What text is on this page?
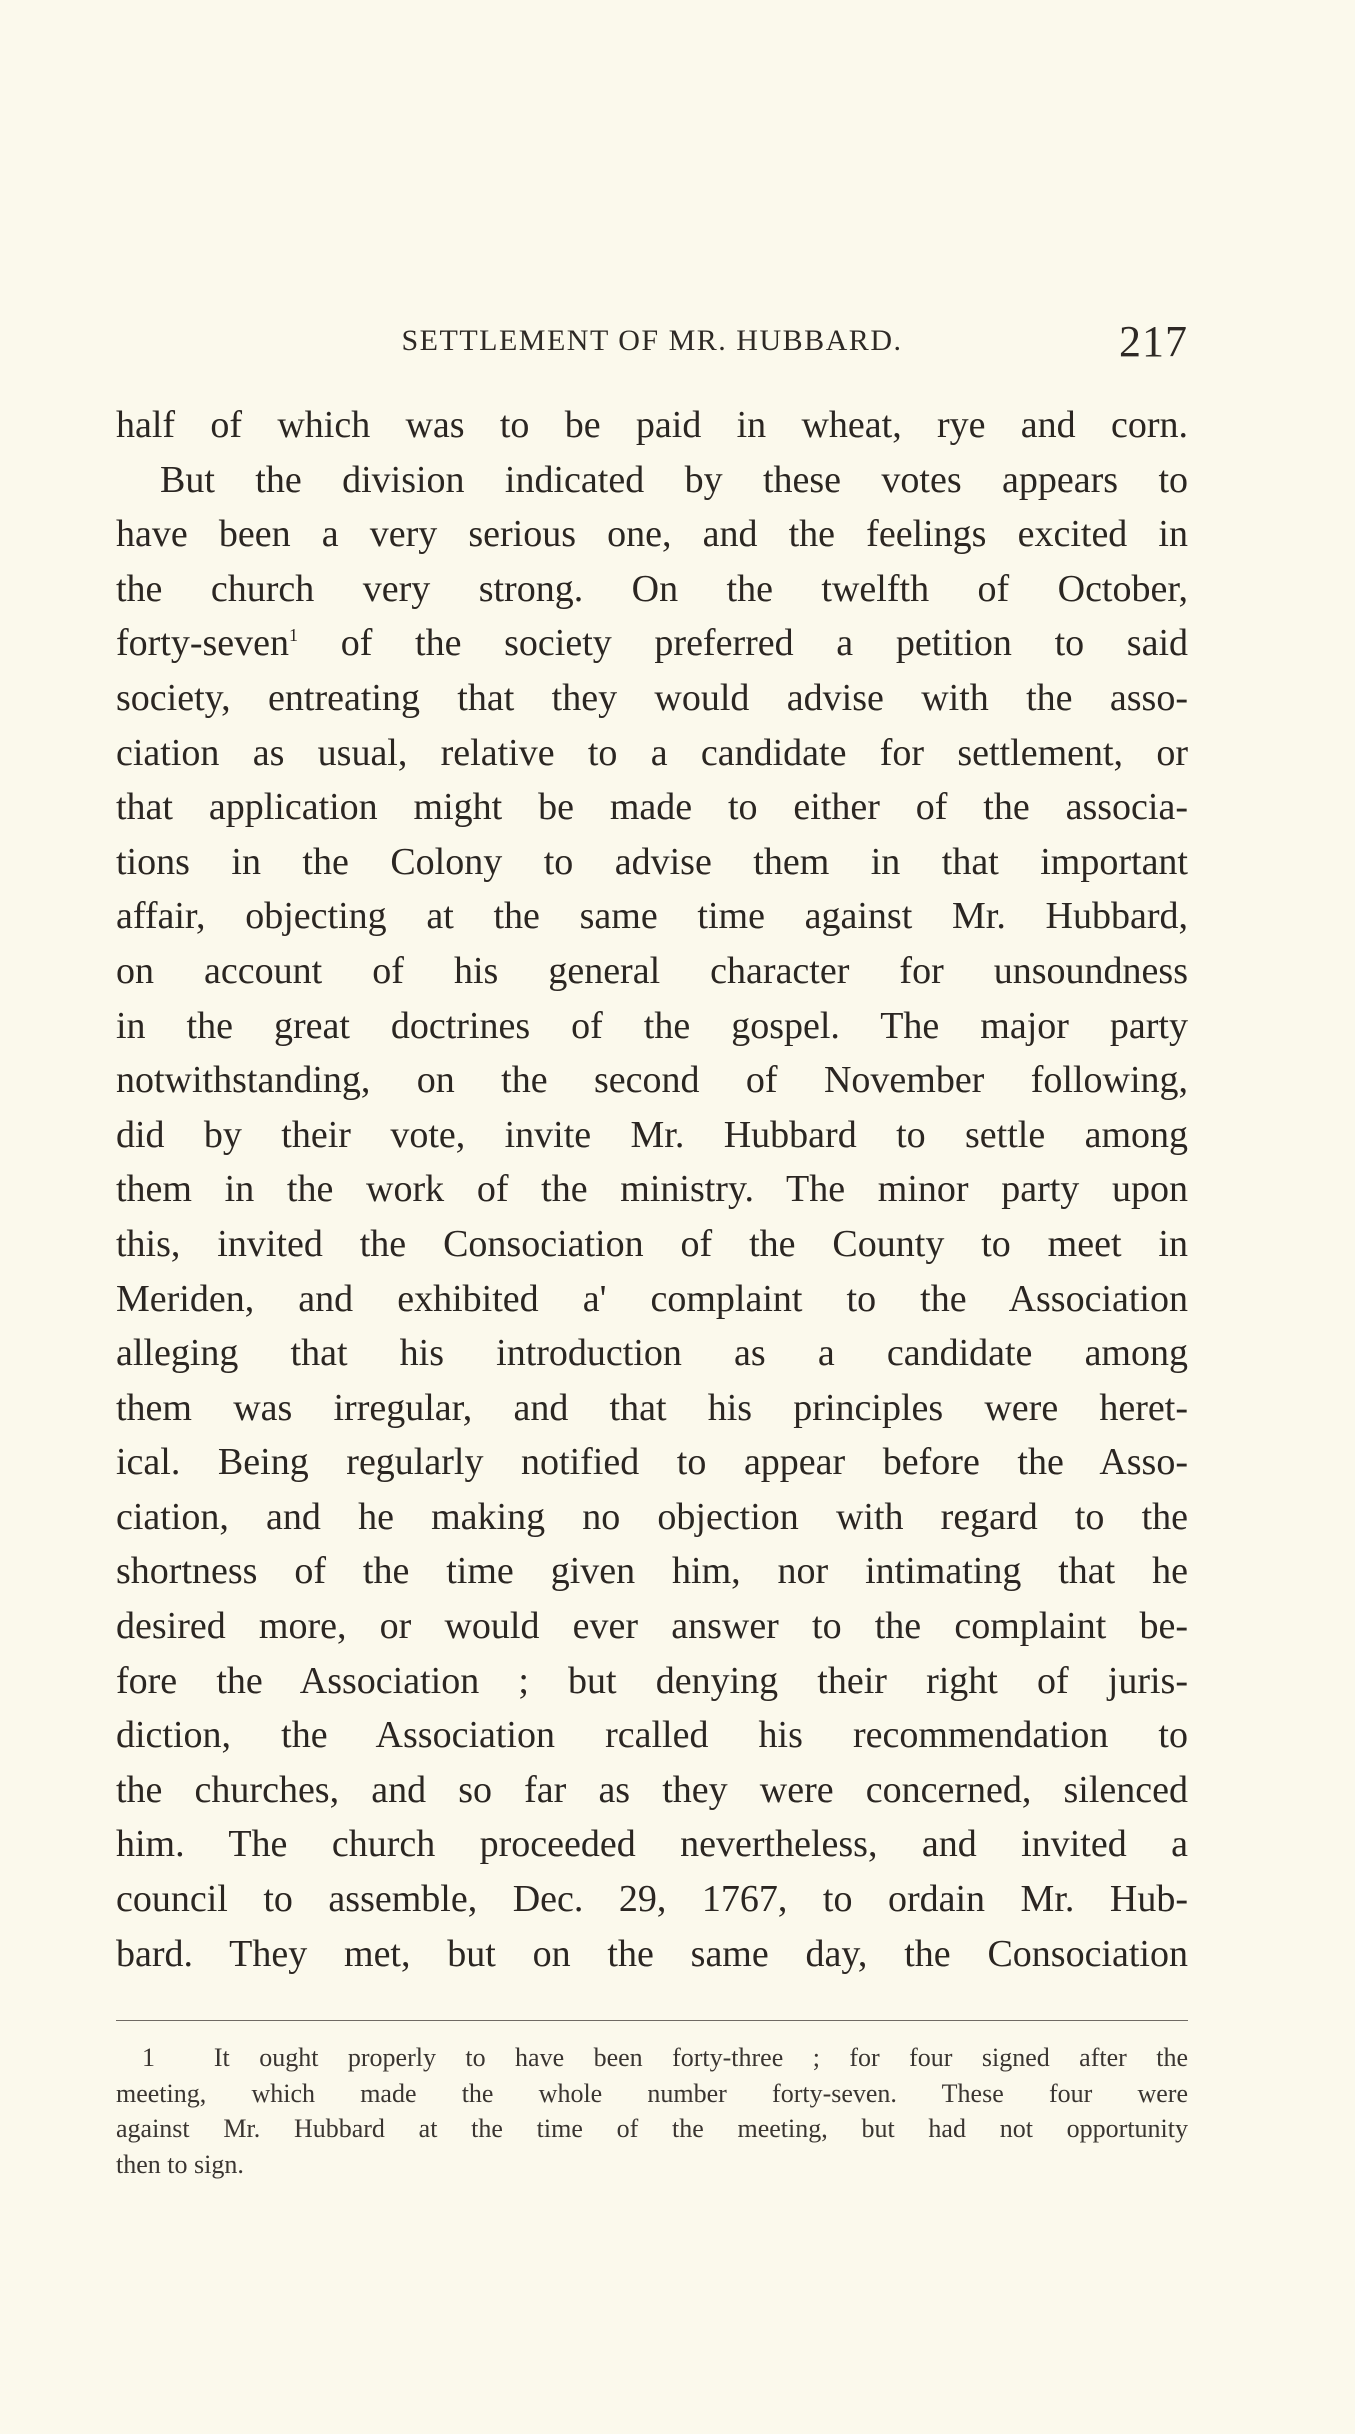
SETTLEMENT OF MR. HUBBARD.	217
half of which was to be paid in wheat, rye and corn.
But the division indicated by these votes appears to
have been a very serious one, and the feelings excited in
the church very strong. On the twelfth of October,
forty-seven$^1$ of the society preferred a petition to said
society, entreating that they would advise with the asso-
ciation as usual, relative to a candidate for settlement, or
that application might be made to either of the associa-
tions in the Colony to advise them in that important
affair, objecting at the same time against Mr. Hubbard,
on account of his general character for unsoundness
in the great doctrines of the gospel. The major party
notwithstanding, on the second of November following,
did by their vote, invite Mr. Hubbard to settle among
them in the work of the ministry. The minor party upon
this, invited the Consociation of the County to meet in
Meriden, and exhibited a' complaint to the Association
alleging that his introduction as a candidate among
them was irregular, and that his principles were heret-
ical. Being regularly notified to appear before the Asso-
ciation, and he making no objection with regard to the
shortness of the time given him, nor intimating that he
desired more, or would ever answer to the complaint be-
fore the Association ; but denying their right of juris-
diction, the Association rcalled his recommendation to
the churches, and so far as they were concerned, silenced
him. The church proceeded nevertheless, and invited a
council to assemble, Dec. 29, 1767, to ordain Mr. Hub-
bard. They met, but on the same day, the Consociation
1 It ought properly to have been forty-three ; for four signed after the
meeting, which made the whole number forty-seven. These four were
against Mr. Hubbard at the time of the meeting, but had not opportunity
then to sign.
